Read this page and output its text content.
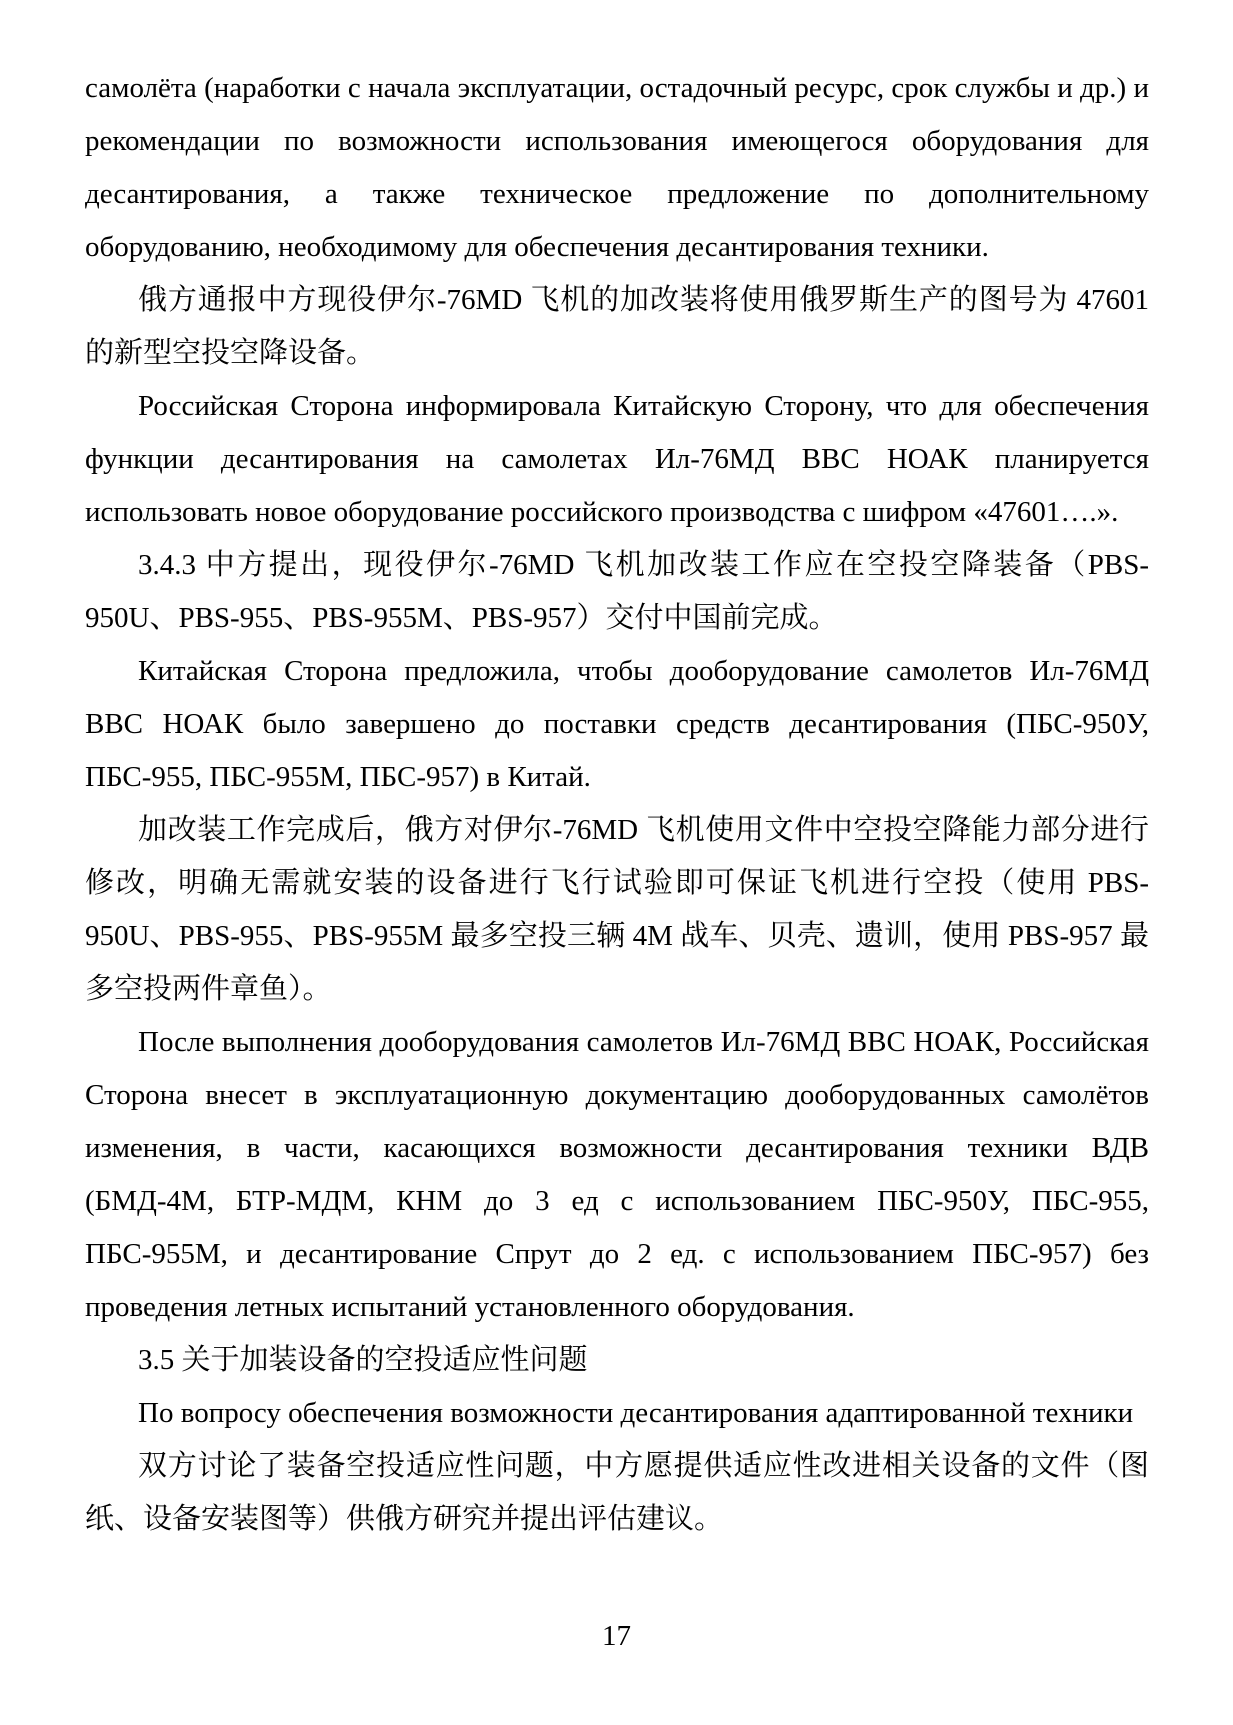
самолёта (наработки с начала эксплуатации, остадочный ресурс, срок службы и др.) и рекомендации по возможности использования имеющегося оборудования для десантирования, а также техническое предложение по дополнительному оборудованию, необходимому для обеспечения десантирования техники.

俄方通报中方现役伊尔-76MD 飞机的加改装将使用俄罗斯生产的图号为 47601 的新型空投空降设备。

Российская Сторона информировала Китайскую Сторону, что для обеспечения функции десантирования на самолетах Ил-76МД ВВС НОАК планируется использовать новое оборудование российского производства с шифром «47601….».

3.4.3 中方提出，现役伊尔-76MD 飞机加改装工作应在空投空降装备（PBS-950U、PBS-955、PBS-955M、PBS-957）交付中国前完成。

Китайская Сторона предложила, чтобы дооборудование самолетов Ил-76МД ВВС НОАК было завершено до поставки средств десантирования (ПБС-950У, ПБС-955, ПБС-955М, ПБС-957) в Китай.

加改装工作完成后，俄方对伊尔-76MD 飞机使用文件中空投空降能力部分进行修改，明确无需就安装的设备进行飞行试验即可保证飞机进行空投（使用 PBS-950U、PBS-955、PBS-955M 最多空投三辆 4M 战车、贝壳、遗训，使用 PBS-957 最多空投两件章鱼）。

После выполнения дооборудования самолетов Ил-76МД ВВС НОАК, Российская Сторона внесет в эксплуатационную документацию дооборудованных самолётов изменения, в части, касающихся возможности десантирования техники ВДВ (БМД-4М, БТР-МДМ, КНМ до 3 ед с использованием ПБС-950У, ПБС-955, ПБС-955М, и десантирование Спрут до 2 ед. с использованием ПБС-957) без проведения летных испытаний установленного оборудования.

3.5 关于加装设备的空投适应性问题

По вопросу обеспечения возможности десантирования адаптированной техники

双方讨论了装备空投适应性问题，中方愿提供适应性改进相关设备的文件（图纸、设备安装图等）供俄方研究并提出评估建议。

17
